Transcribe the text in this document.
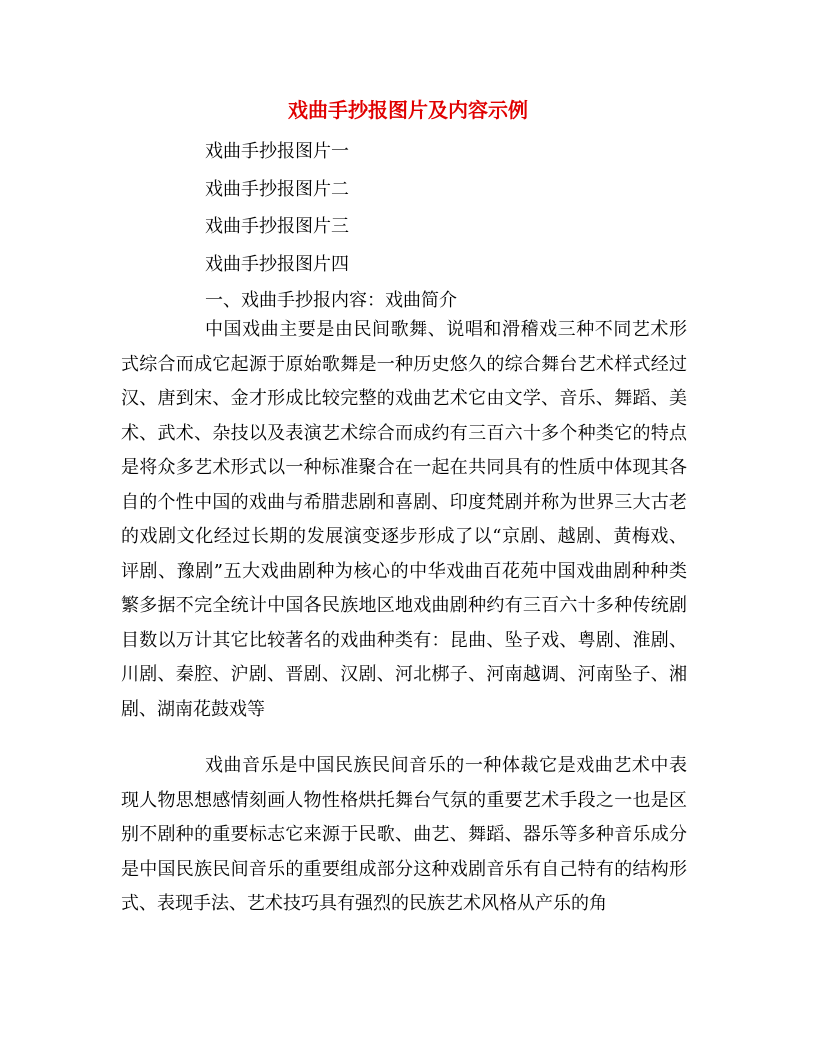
戏曲手抄报图片及内容示例
戏曲手抄报图片一
戏曲手抄报图片二
戏曲手抄报图片三
戏曲手抄报图片四
一、戏曲手抄报内容：戏曲简介

中国戏曲主要是由民间歌舞、说唱和滑稽戏三种不同艺术形式综合而成它起源于原始歌舞是一种历史悠久的综合舞台艺术样式经过汉、唐到宋、金才形成比较完整的戏曲艺术它由文学、音乐、舞蹈、美术、武术、杂技以及表演艺术综合而成约有三百六十多个种类它的特点是将众多艺术形式以一种标准聚合在一起在共同具有的性质中体现其各自的个性中国的戏曲与希腊悲剧和喜剧、印度梵剧并称为世界三大古老的戏剧文化经过长期的发展演变逐步形成了以“京剧、越剧、黄梅戏、评剧、豫剧”五大戏曲剧种为核心的中华戏曲百花苑中国戏曲剧种种类繁多据不完全统计中国各民族地区地戏曲剧种约有三百六十多种传统剧目数以万计其它比较著名的戏曲种类有：昆曲、坠子戏、粤剧、淮剧、川剧、秦腔、沪剧、晋剧、汉剧、河北梆子、河南越调、河南坠子、湘剧、湖南花鼓戏等

戏曲音乐是中国民族民间音乐的一种体裁它是戏曲艺术中表现人物思想感情刻画人物性格烘托舞台气氛的重要艺术手段之一也是区别不剧种的重要标志它来源于民歌、曲艺、舞蹈、器乐等多种音乐成分是中国民族民间音乐的重要组成部分这种戏剧音乐有自己特有的结构形式、表现手法、艺术技巧具有强烈的民族艺术风格从产乐的角
